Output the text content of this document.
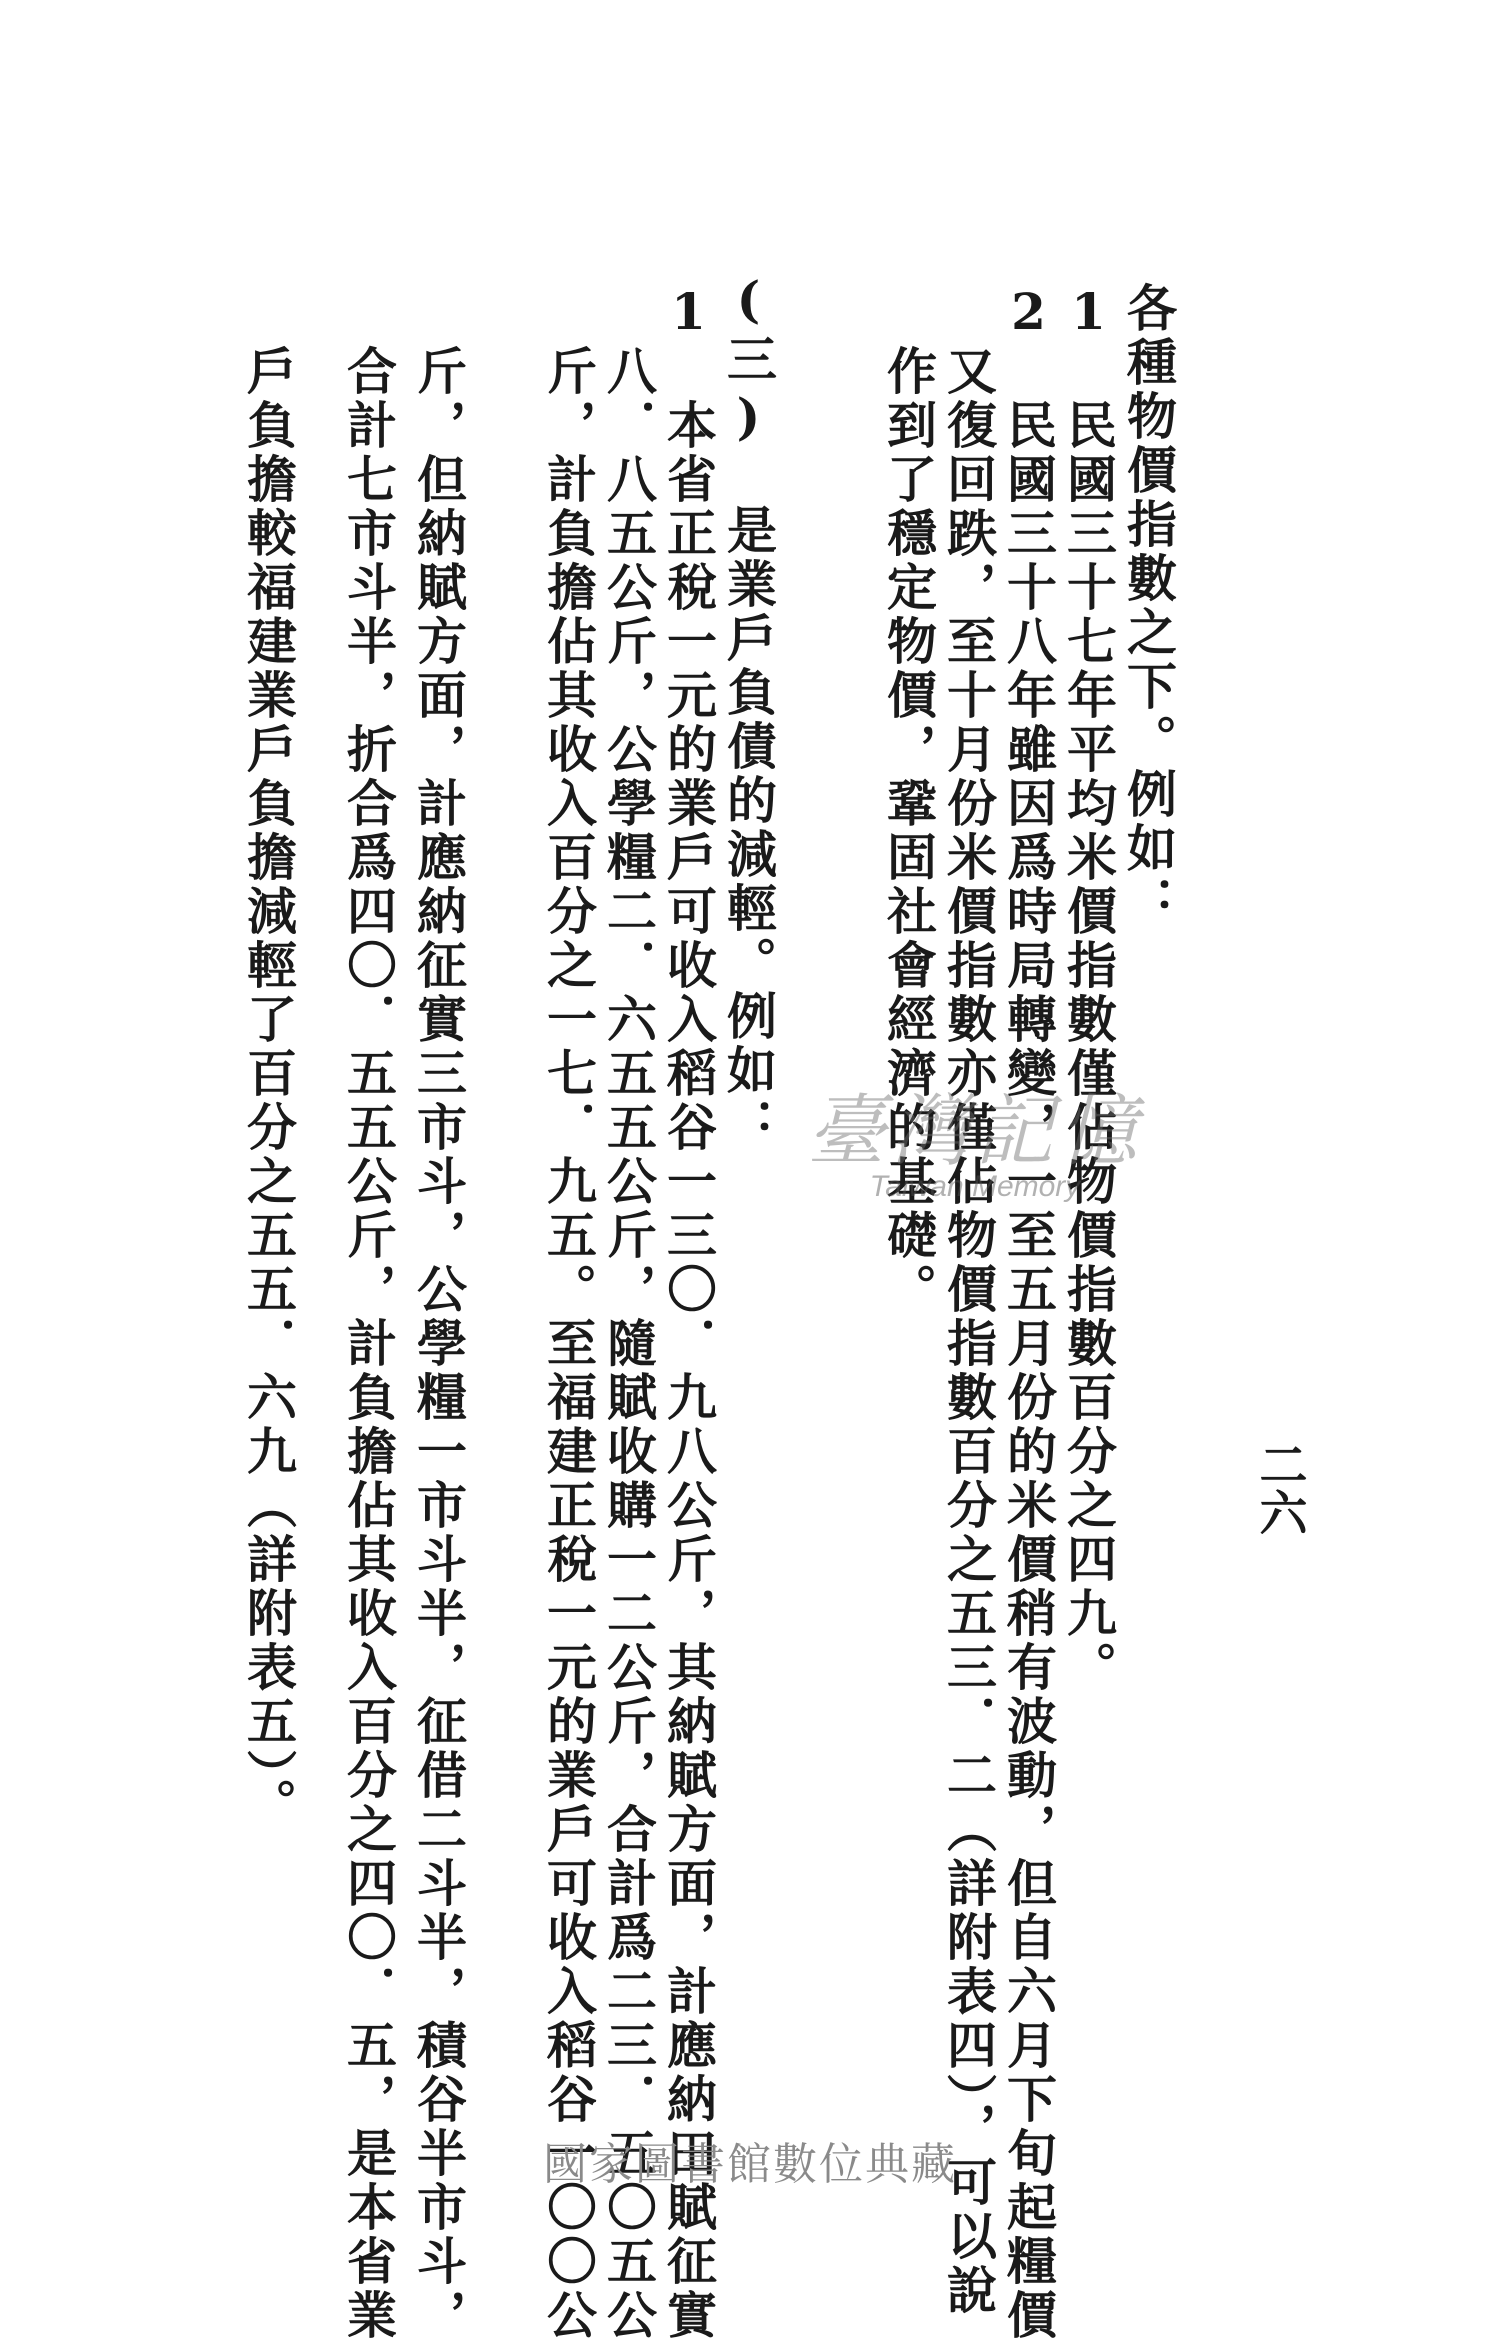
二六
各種物價指數之下。例如：
1　民國三十七年平均米價指數僅佔物價指數百分之四九。
2　民國三十八年雖因爲時局轉變，一至五月份的米價稍有波動，但自六月下旬起糧價
又復回跌，至十月份米價指數亦僅佔物價指數百分之五三．二（詳附表四），可以說
作到了穩定物價，鞏固社會經濟的基礎。
(三)　是業戶負債的減輕。例如：
1　本省正稅一元的業戶可收入稻谷一三〇．九八公斤，其納賦方面，計應納田賦征實
八．八五公斤，公學糧二．六五五公斤，隨賦收購一二公斤，合計爲二三．五〇五公
斤，計負擔佔其收入百分之一七．九五。至福建正稅一元的業戶可收入稻谷一〇〇公
斤，但納賦方面，計應納征實三市斗，公學糧一市斗半，征借二斗半，積谷半市斗，
合計七市斗半，折合爲四〇．五五公斤，計負擔佔其收入百分之四〇．五，是本省業
戶負擔較福建業戶負擔減輕了百分之五五．六九（詳附表五）。	臺灣記憶
Taiwan Memory
國家圖書館數位典藏
